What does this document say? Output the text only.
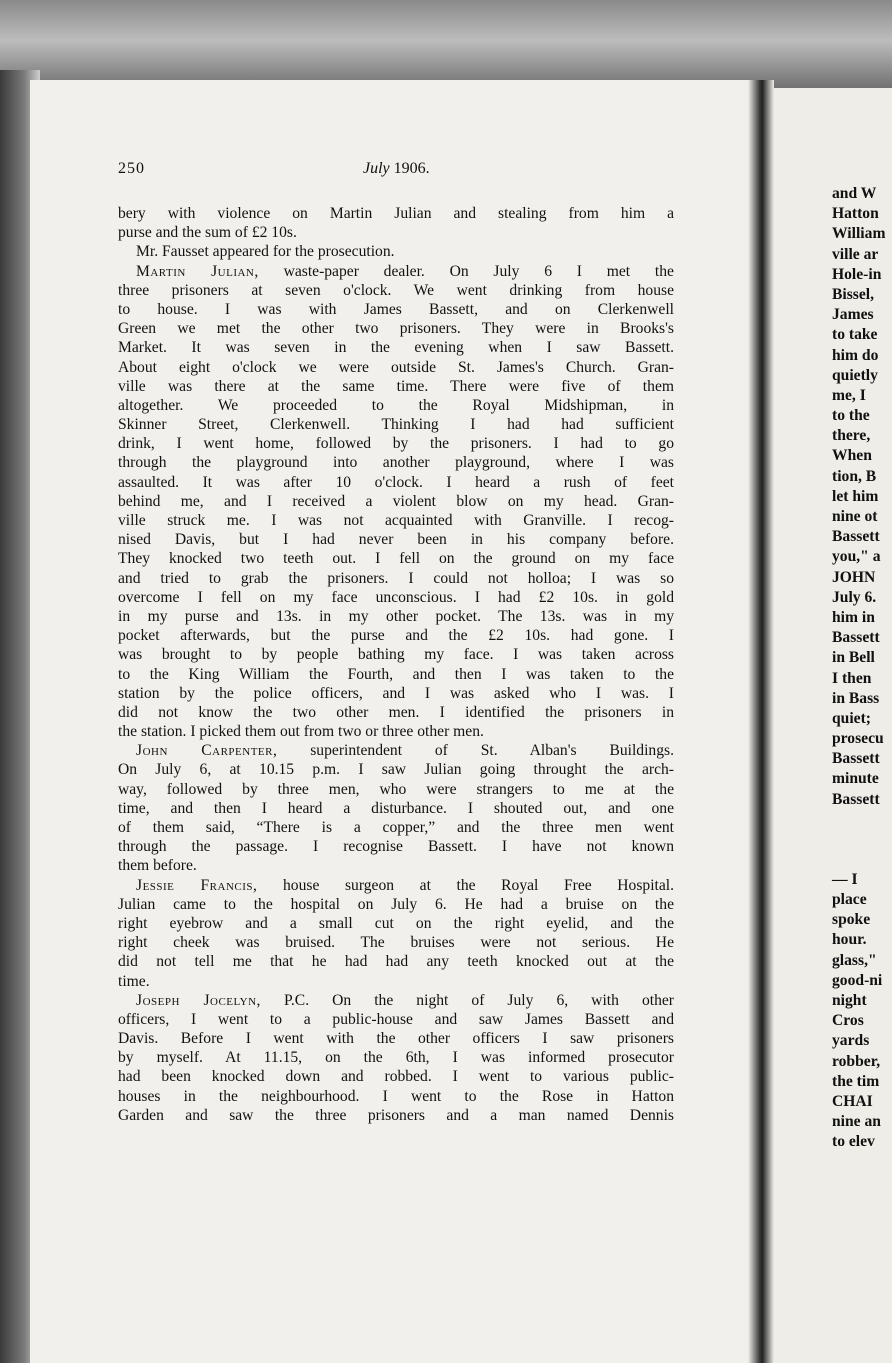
250	July 1906.
bery with violence on Martin Julian and stealing from him a
purse and the sum of £2 10s.
Mr. Fausset appeared for the prosecution.
Martin Julian, waste-paper dealer. On July 6 I met the
three prisoners at seven o'clock. We went drinking from house
to house. I was with James Bassett, and on Clerkenwell
Green we met the other two prisoners. They were in Brooks's
Market. It was seven in the evening when I saw Bassett.
About eight o'clock we were outside St. James's Church. Gran-
ville was there at the same time. There were five of them
altogether. We proceeded to the Royal Midshipman, in
Skinner Street, Clerkenwell. Thinking I had had sufficient
drink, I went home, followed by the prisoners. I had to go
through the playground into another playground, where I was
assaulted. It was after 10 o'clock. I heard a rush of feet
behind me, and I received a violent blow on my head. Gran-
ville struck me. I was not acquainted with Granville. I recog-
nised Davis, but I had never been in his company before.
They knocked two teeth out. I fell on the ground on my face
and tried to grab the prisoners. I could not holloa; I was so
overcome I fell on my face unconscious. I had £2 10s. in gold
in my purse and 13s. in my other pocket. The 13s. was in my
pocket afterwards, but the purse and the £2 10s. had gone. I
was brought to by people bathing my face. I was taken across
to the King William the Fourth, and then I was taken to the
station by the police officers, and I was asked who I was. I
did not know the two other men. I identified the prisoners in
the station. I picked them out from two or three other men.
John Carpenter, superintendent of St. Alban's Buildings.
On July 6, at 10.15 p.m. I saw Julian going throught the arch-
way, followed by three men, who were strangers to me at the
time, and then I heard a disturbance. I shouted out, and one
of them said, “There is a copper,” and the three men went
through the passage. I recognise Bassett. I have not known
them before.
Jessie Francis, house surgeon at the Royal Free Hospital.
Julian came to the hospital on July 6. He had a bruise on the
right eyebrow and a small cut on the right eyelid, and the
right cheek was bruised. The bruises were not serious. He
did not tell me that he had had any teeth knocked out at the
time.
Joseph Jocelyn, P.C. On the night of July 6, with other
officers, I went to a public-house and saw James Bassett and
Davis. Before I went with the other officers I saw prisoners
by myself. At 11.15, on the 6th, I was informed prosecutor
had been knocked down and robbed. I went to various public-
houses in the neighbourhood. I went to the Rose in Hatton
Garden and saw the three prisoners and a man named Dennis
and W
Hatton
William
ville ar
Hole-in
Bissel,
James
to take
him do
quietly
me, I
to the
there,
When
tion, B
let him
nine ot
Bassett
you," a
JOHN
July 6.
him in
Bassett
in Bell
I then
in Bass
quiet;
prosecu
Bassett
minute
Bassett
— I
place
spoke
hour.
glass,"
good-ni
night
Cros
yards
robber,
the tim
CHAI
nine an
to elev
